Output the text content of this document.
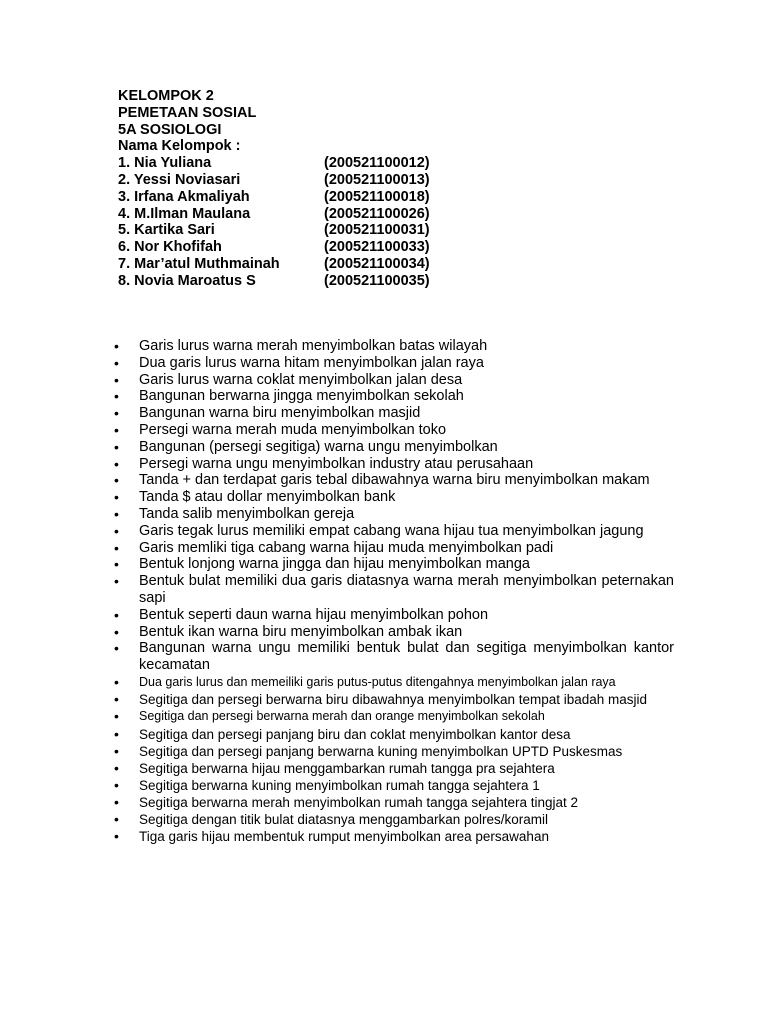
KELOMPOK 2
PEMETAAN SOSIAL
5A SOSIOLOGI
Nama Kelompok :
1. Nia Yuliana	(200521100012)
2. Yessi Noviasari	(200521100013)
3. Irfana Akmaliyah	(200521100018)
4. M.Ilman Maulana	(200521100026)
5. Kartika Sari	(200521100031)
6. Nor Khofifah	(200521100033)
7. Mar’atul Muthmainah	(200521100034)
8. Novia Maroatus S	(200521100035)
• Garis lurus warna merah menyimbolkan batas wilayah
• Dua garis lurus warna hitam menyimbolkan jalan raya
• Garis lurus warna coklat menyimbolkan jalan desa
• Bangunan berwarna jingga menyimbolkan sekolah
• Bangunan warna biru menyimbolkan masjid
• Persegi warna merah muda menyimbolkan toko
• Bangunan (persegi segitiga) warna ungu menyimbolkan
• Persegi warna ungu menyimbolkan industry atau perusahaan
• Tanda + dan terdapat garis tebal dibawahnya warna biru menyimbolkan makam
• Tanda $ atau dollar menyimbolkan bank
• Tanda salib menyimbolkan gereja
• Garis tegak lurus memiliki empat cabang wana hijau tua menyimbolkan jagung
• Garis memliki tiga cabang warna hijau muda menyimbolkan padi
• Bentuk lonjong warna jingga dan hijau menyimbolkan manga
• Bentuk bulat memiliki dua garis diatasnya warna merah menyimbolkan peternakan sapi
• Bentuk seperti daun warna hijau menyimbolkan pohon
• Bentuk ikan warna biru menyimbolkan ambak ikan
• Bangunan warna ungu memiliki bentuk bulat dan segitiga menyimbolkan kantor kecamatan
• Dua garis lurus dan memeiliki garis putus-putus ditengahnya menyimbolkan jalan raya
• Segitiga dan persegi berwarna biru dibawahnya menyimbolkan tempat ibadah masjid
• Segitiga dan persegi berwarna merah dan orange menyimbolkan sekolah
• Segitiga dan persegi panjang biru dan coklat menyimbolkan kantor desa
• Segitiga dan persegi panjang berwarna kuning menyimbolkan UPTD Puskesmas
• Segitiga berwarna hijau menggambarkan rumah tangga pra sejahtera
• Segitiga berwarna kuning menyimbolkan rumah tangga sejahtera 1
• Segitiga berwarna merah menyimbolkan rumah tangga sejahtera tingjat 2
• Segitiga dengan titik bulat diatasnya menggambarkan polres/koramil
• Tiga garis hijau membentuk rumput menyimbolkan area persawahan
